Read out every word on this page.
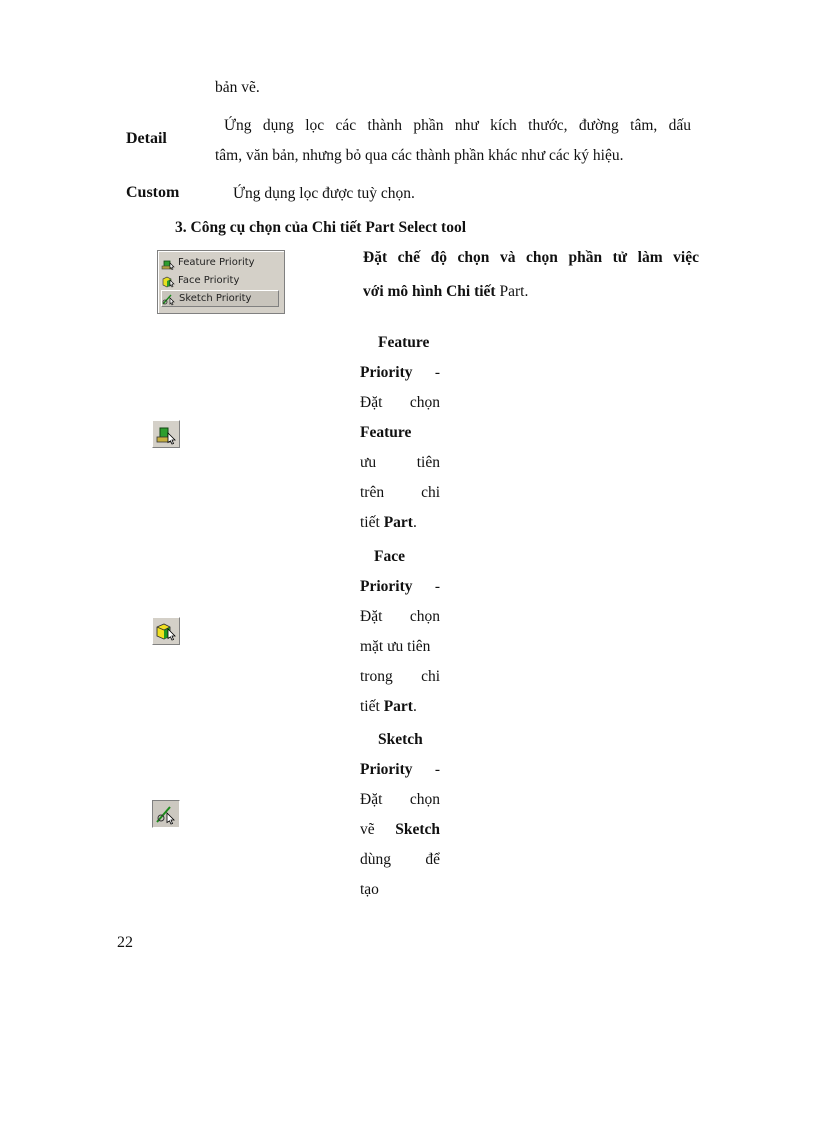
bản vẽ.
Detail
Ứng dụng lọc các thành phần như kích thước, đường tâm, dấu
tâm, văn bản, nhưng bỏ qua các thành phần khác như các ký hiệu.
Custom	Ứng dụng lọc được tuỳ chọn.
3. Công cụ chọn của Chi tiết Part Select tool
Feature Priority
Face Priority
Sketch Priority
Đặt chế độ chọn và chọn phần tử làm việc
với mô hình Chi tiết Part.
Feature
Priority -
Đặt chọn
Feature
ưu	tiên
trên chi
tiết Part.
Face
Priority -
Đặt chọn
mặt ưu tiên
trong chi
tiết Part.
Sketch
Priority -
Đặt chọn
vẽ Sketch
dùng để
tạo
22
